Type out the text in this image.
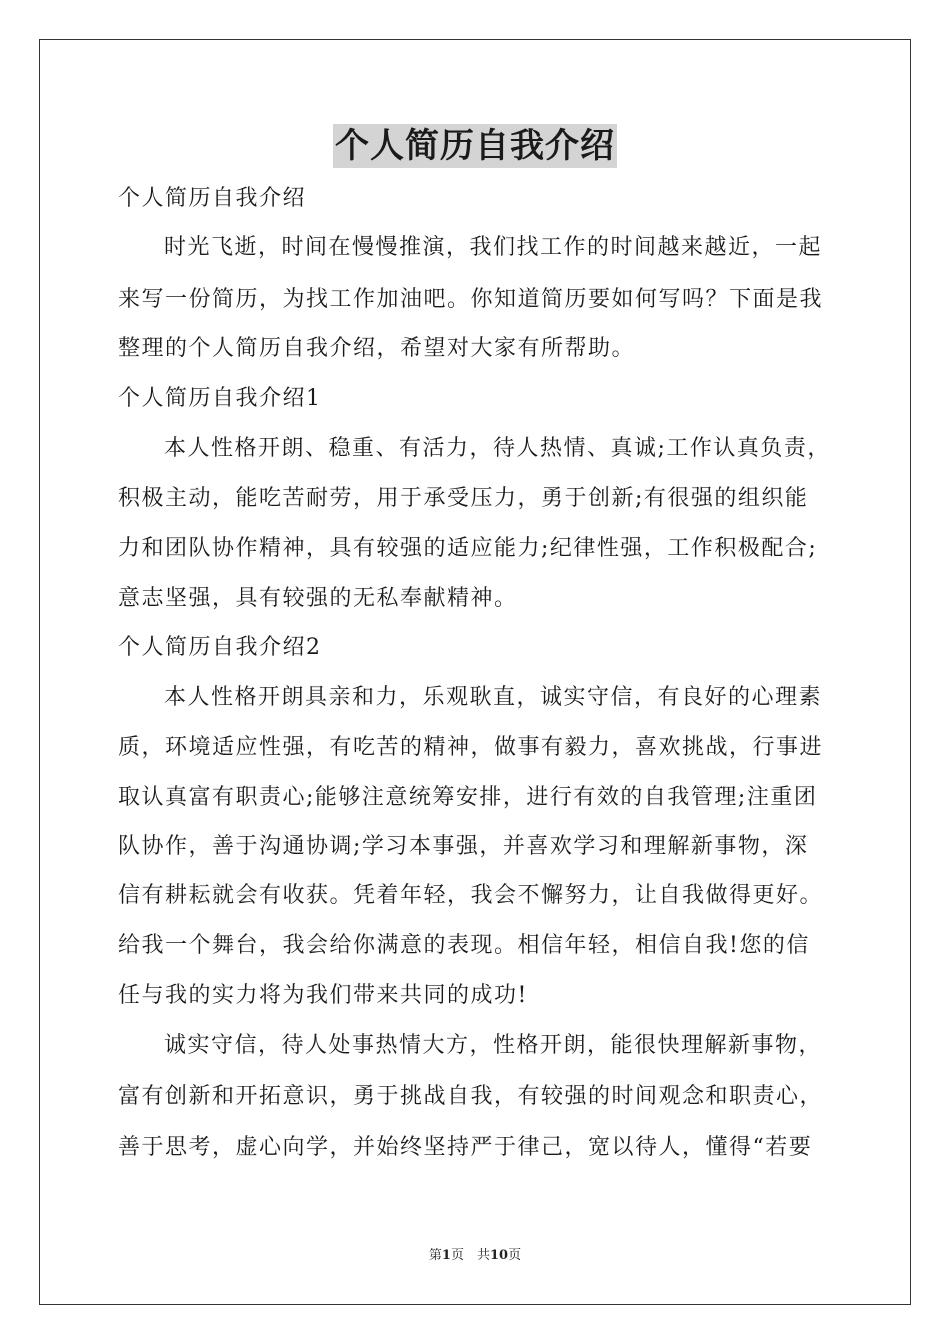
个人简历自我介绍
个人简历自我介绍
时光飞逝，时间在慢慢推演，我们找工作的时间越来越近，一起
来写一份简历，为找工作加油吧。你知道简历要如何写吗？下面是我
整理的个人简历自我介绍，希望对大家有所帮助。
个人简历自我介绍1
本人性格开朗、稳重、有活力，待人热情、真诚;工作认真负责，
积极主动，能吃苦耐劳，用于承受压力，勇于创新;有很强的组织能
力和团队协作精神，具有较强的适应能力;纪律性强，工作积极配合;
意志坚强，具有较强的无私奉献精神。
个人简历自我介绍2
本人性格开朗具亲和力，乐观耿直，诚实守信，有良好的心理素
质，环境适应性强，有吃苦的精神，做事有毅力，喜欢挑战，行事进
取认真富有职责心;能够注意统筹安排，进行有效的自我管理;注重团
队协作，善于沟通协调;学习本事强，并喜欢学习和理解新事物，深
信有耕耘就会有收获。凭着年轻，我会不懈努力，让自我做得更好。
给我一个舞台，我会给你满意的表现。相信年轻，相信自我!您的信
任与我的实力将为我们带来共同的成功!
诚实守信，待人处事热情大方，性格开朗，能很快理解新事物，
富有创新和开拓意识，勇于挑战自我，有较强的时间观念和职责心，
善于思考，虚心向学，并始终坚持严于律己，宽以待人，懂得“若要
第1页　共10页
